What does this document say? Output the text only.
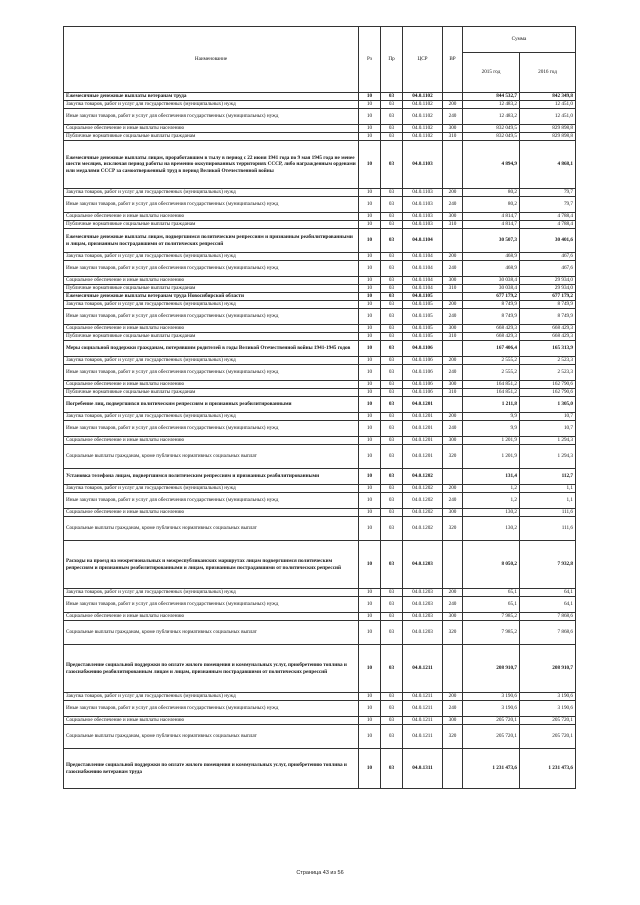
Наименование	Рз	Пр	ЦСР	ВР	Сумма	
					2015 год	2016 год
Ежемесячные денежные выплаты ветеранам труда	10	03	04.0.1102		844 532,7	842 349,8
Закупка товаров, работ и услуг для государственных (муниципальных) нужд	10	03	04.0.1102	200	12 483,2	12 451,0
Иные закупки товаров, работ и услуг для обеспечения государственных (муниципальных) нужд	10	03	04.0.1102	240	12 483,2	12 451,0
Социальное обеспечение и иные выплаты населению	10	03	04.0.1102	300	832 049,5	829 898,8
Публичные нормативные социальные выплаты гражданам	10	03	04.0.1102	310	832 049,5	829 898,8
Ежемесячные денежные выплаты лицам, проработавшим в тылу в период с 22 июня 1941 года по 9 мая 1945 года не менее шести месяцев, исключая период работы на временно оккупированных территориях СССР, либо награжденным орденами или медалями СССР за самоотверженный труд в период Великой Отечественной войны	10	03	04.0.1103		4 894,9	4 868,1
Закупка товаров, работ и услуг для государственных (муниципальных) нужд	10	03	04.0.1103	200	80,2	79,7
Иные закупки товаров, работ и услуг для обеспечения государственных (муниципальных) нужд	10	03	04.0.1103	240	80,2	79,7
Социальное обеспечение и иные выплаты населению	10	03	04.0.1103	300	4 814,7	4 788,4
Публичные нормативные социальные выплаты гражданам	10	03	04.0.1103	310	4 814,7	4 788,4
Ежемесячные денежные выплаты лицам, подвергшимся политическим репрессиям и признанным реабилитированными и лицам, признанным пострадавшими от политических репрессий	10	03	04.0.1104		30 507,3	30 401,6
Закупка товаров, работ и услуг для государственных (муниципальных) нужд	10	03	04.0.1104	200	468,9	467,6
Иные закупки товаров, работ и услуг для обеспечения государственных (муниципальных) нужд	10	03	04.0.1104	240	468,9	467,6
Социальное обеспечение и иные выплаты населению	10	03	04.0.1104	300	30 038,4	29 934,0
Публичные нормативные социальные выплаты гражданам	10	03	04.0.1104	310	30 038,4	29 934,0
Ежемесячные денежные выплаты ветеранам труда Новосибирской области	10	03	04.0.1105		677 179,2	677 179,2
Закупка товаров, работ и услуг для государственных (муниципальных) нужд	10	03	04.0.1105	200	8 749,9	8 749,9
Иные закупки товаров, работ и услуг для обеспечения государственных (муниципальных) нужд	10	03	04.0.1105	240	8 749,9	8 749,9
Социальное обеспечение и иные выплаты населению	10	03	04.0.1105	300	668 429,3	668 429,3
Публичные нормативные социальные выплаты гражданам	10	03	04.0.1105	310	668 429,3	668 429,3
Меры социальной поддержки гражданам, потерявшим родителей в годы Великой Отечественной войны 1941-1945 годов	10	03	04.0.1106		167 406,4	165 313,9
Закупка товаров, работ и услуг для государственных (муниципальных) нужд	10	03	04.0.1106	200	2 555,2	2 523,3
Иные закупки товаров, работ и услуг для обеспечения государственных (муниципальных) нужд	10	03	04.0.1106	240	2 555,2	2 523,3
Социальное обеспечение и иные выплаты населению	10	03	04.0.1106	300	164 851,2	162 790,6
Публичные нормативные социальные выплаты гражданам	10	03	04.0.1106	310	164 851,2	162 790,6
Погребение лиц, подвергшихся политическим репрессиям и признанных реабилитированными	10	03	04.0.1201		1 211,8	1 305,0
Закупка товаров, работ и услуг для государственных (муниципальных) нужд	10	03	04.0.1201	200	9,9	10,7
Иные закупки товаров, работ и услуг для обеспечения государственных (муниципальных) нужд	10	03	04.0.1201	240	9,9	10,7
Социальное обеспечение и иные выплаты населению	10	03	04.0.1201	300	1 201,9	1 294,3
Социальные выплаты гражданам, кроме публичных нормативных социальных выплат	10	03	04.0.1201	320	1 201,9	1 294,3
Установка телефона лицам, подвергшимся политическим репрессиям и признанных реабилитированными	10	03	04.0.1202		131,4	112,7
Закупка товаров, работ и услуг для государственных (муниципальных) нужд	10	03	04.0.1202	200	1,2	1,1
Иные закупки товаров, работ и услуг для обеспечения государственных (муниципальных) нужд	10	03	04.0.1202	240	1,2	1,1
Социальное обеспечение и иные выплаты населению	10	03	04.0.1202	300	130,2	111,6
Социальные выплаты гражданам, кроме публичных нормативных социальных выплат	10	03	04.0.1202	320	130,2	111,6
Расходы на проезд на межрегиональных и межреспубликанских маршрутах лицам подвергшимся политическим репрессиям и признанным реабилитированными и лицам, признанным пострадавшими от политических репрессий	10	03	04.0.1203		8 050,2	7 932,8
Закупка товаров, работ и услуг для государственных (муниципальных) нужд	10	03	04.0.1203	200	65,1	64,1
Иные закупки товаров, работ и услуг для обеспечения государственных (муниципальных) нужд	10	03	04.0.1203	240	65,1	64,1
Социальное обеспечение и иные выплаты населению	10	03	04.0.1203	300	7 985,2	7 868,6
Социальные выплаты гражданам, кроме публичных нормативных социальных выплат	10	03	04.0.1203	320	7 985,2	7 868,6
Предоставление социальной поддержки по оплате жилого помещения и коммунальных услуг, приобретению топлива и газоснабжению реабилитированным лицам и лицам, признанным пострадавшими от политических репрессий	10	03	04.0.1211		208 910,7	208 910,7
Закупка товаров, работ и услуг для государственных (муниципальных) нужд	10	03	04.0.1211	200	3 190,6	3 190,6
Иные закупки товаров, работ и услуг для обеспечения государственных (муниципальных) нужд	10	03	04.0.1211	240	3 190,6	3 190,6
Социальное обеспечение и иные выплаты населению	10	03	04.0.1211	300	205 720,1	205 720,1
Социальные выплаты гражданам, кроме публичных нормативных социальных выплат	10	03	04.0.1211	320	205 720,1	205 720,1
Предоставление социальной поддержки по оплате жилого помещения и коммунальных услуг, приобретению топлива и газоснабжению ветеранам труда	10	03	04.0.1311		1 231 473,6	1 231 473,6
Страница 43 из 56
